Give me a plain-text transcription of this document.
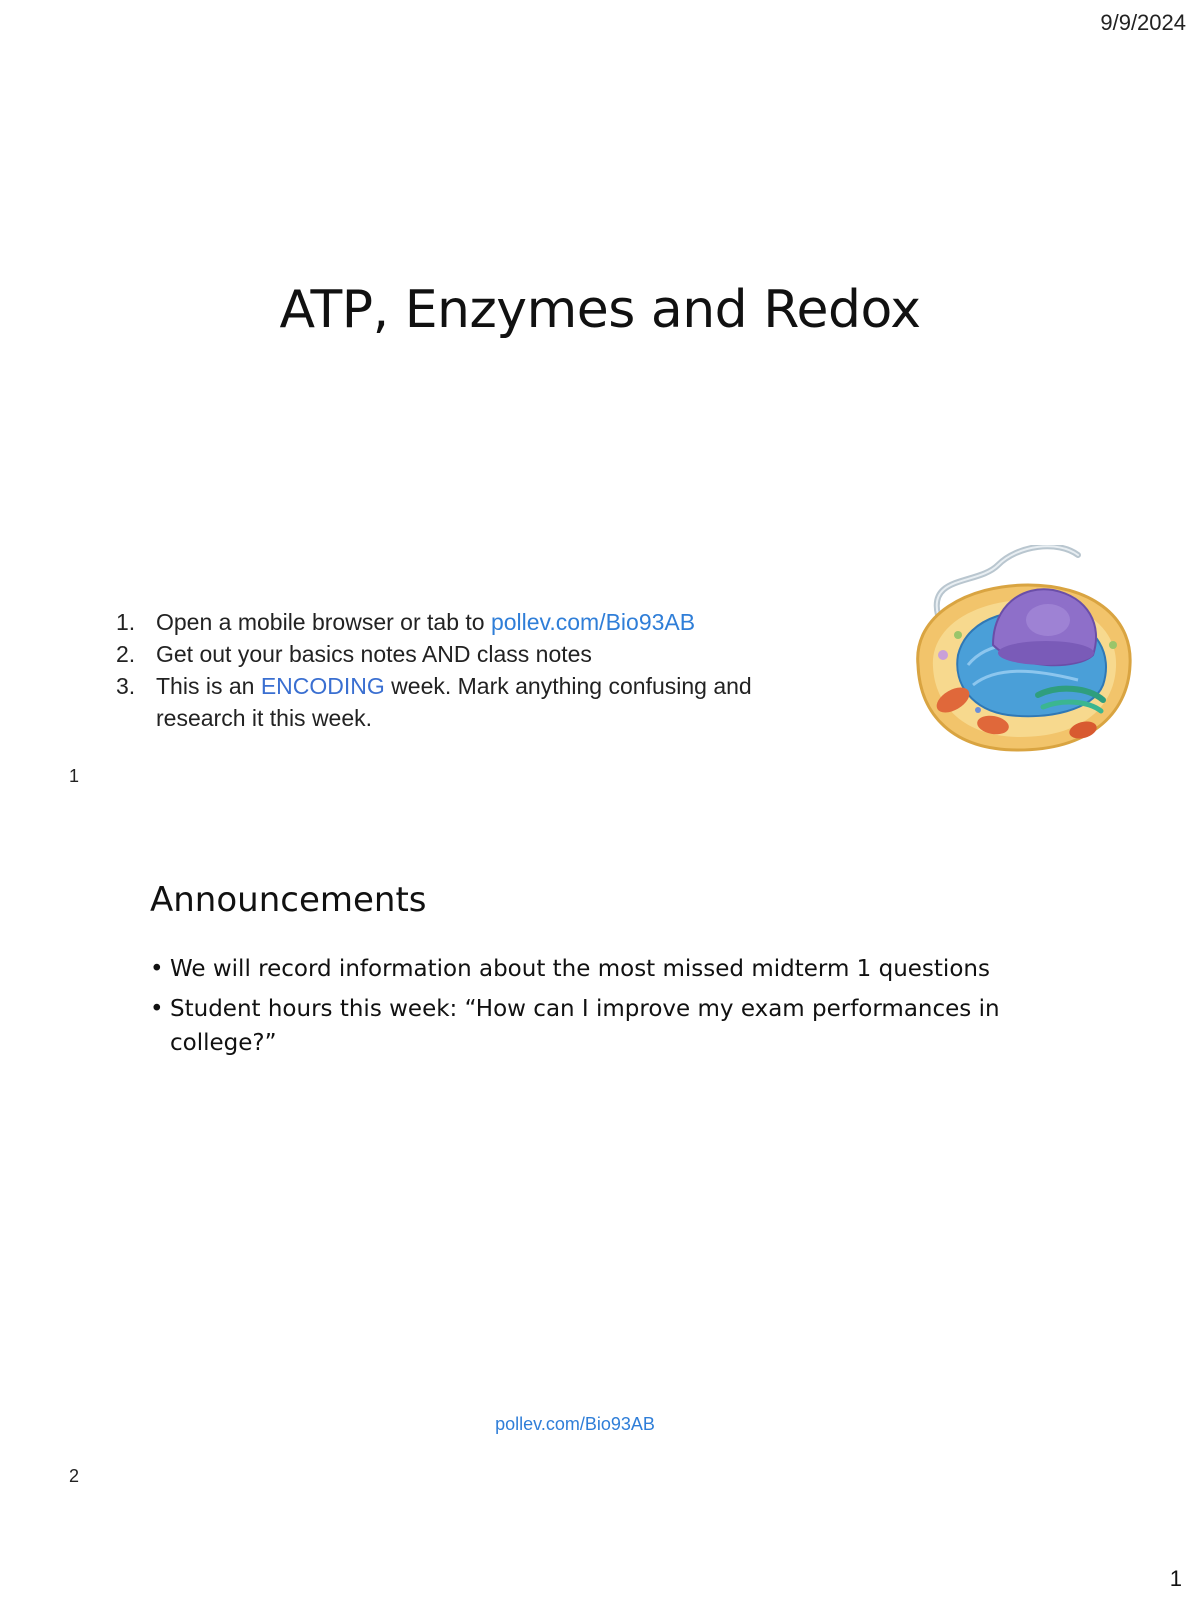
9/9/2024
ATP, Enzymes and Redox
1. Open a mobile browser or tab to pollev.com/Bio93AB
2. Get out your basics notes AND class notes
3. This is an ENCODING week. Mark anything confusing and research it this week.
1
Announcements
• We will record information about the most missed midterm 1 questions
• Student hours this week: “How can I improve my exam performances in college?”
pollev.com/Bio93AB
2
1
